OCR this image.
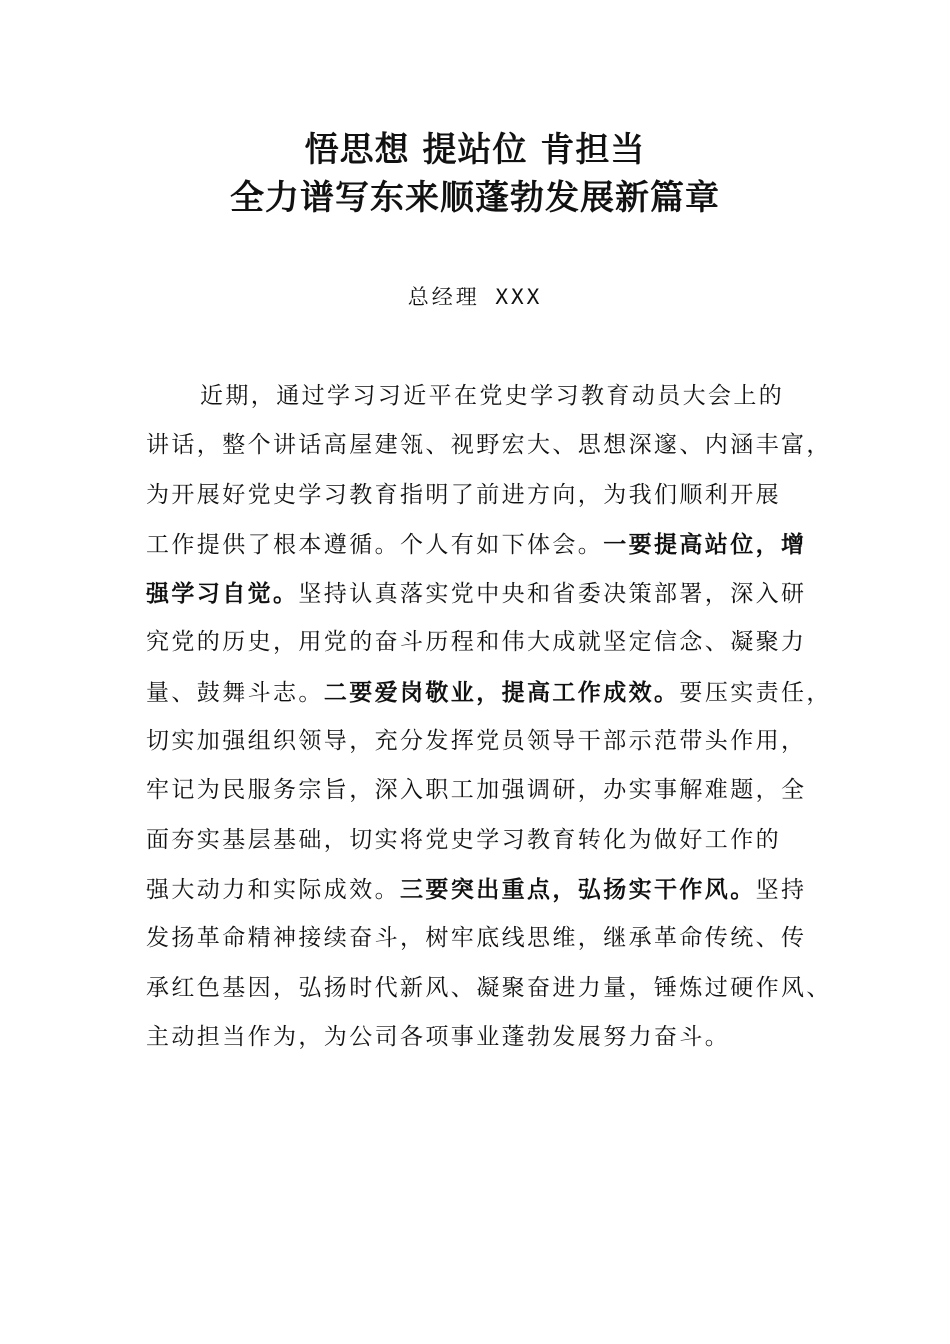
悟思想 提站位 肯担当
全力谱写东来顺蓬勃发展新篇章
总经理 XXX
近期，通过学习习近平在党史学习教育动员大会上的
讲话，整个讲话高屋建瓴、视野宏大、思想深邃、内涵丰富，
为开展好党史学习教育指明了前进方向，为我们顺利开展
工作提供了根本遵循。个人有如下体会。一要提高站位，增
强学习自觉。坚持认真落实党中央和省委决策部署，深入研
究党的历史，用党的奋斗历程和伟大成就坚定信念、凝聚力
量、鼓舞斗志。二要爱岗敬业，提高工作成效。要压实责任，
切实加强组织领导，充分发挥党员领导干部示范带头作用，
牢记为民服务宗旨，深入职工加强调研，办实事解难题，全
面夯实基层基础，切实将党史学习教育转化为做好工作的
强大动力和实际成效。三要突出重点，弘扬实干作风。坚持
发扬革命精神接续奋斗，树牢底线思维，继承革命传统、传
承红色基因，弘扬时代新风、凝聚奋进力量，锤炼过硬作风、
主动担当作为，为公司各项事业蓬勃发展努力奋斗。
